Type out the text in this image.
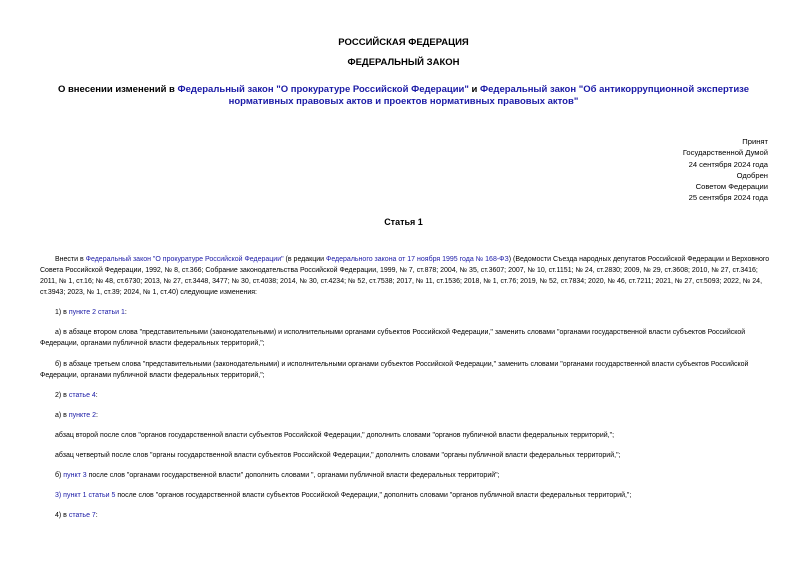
РОССИЙСКАЯ ФЕДЕРАЦИЯ
ФЕДЕРАЛЬНЫЙ ЗАКОН
О внесении изменений в Федеральный закон "О прокуратуре Российской Федерации" и Федеральный закон "Об антикоррупционной экспертизе нормативных правовых актов и проектов нормативных правовых актов"
Принят
Государственной Думой
24 сентября 2024 года
Одобрен
Советом Федерации
25 сентября 2024 года
Статья 1

Внести в Федеральный закон "О прокуратуре Российской Федерации" (в редакции Федерального закона от 17 ноября 1995 года № 168-ФЗ) (Ведомости Съезда народных депутатов Российской Федерации и Верховного Совета Российской Федерации, 1992, № 8, ст.366; Собрание законодательства Российской Федерации, 1999, № 7, ст.878; 2004, № 35, ст.3607; 2007, № 10, ст.1151; № 24, ст.2830; 2009, № 29, ст.3608; 2010, № 27, ст.3416; 2011, № 1, ст.16; № 48, ст.6730; 2013, № 27, ст.3448, 3477; № 30, ст.4038; 2014, № 30, ст.4234; № 52, ст.7538; 2017, № 11, ст.1536; 2018, № 1, ст.76; 2019, № 52, ст.7834; 2020, № 46, ст.7211; 2021, № 27, ст.5093; 2022, № 24, ст.3943; 2023, № 1, ст.39; 2024, № 1, ст.40) следующие изменения:

1) в пункте 2 статьи 1:

а) в абзаце втором слова "представительными (законодательными) и исполнительными органами субъектов Российской Федерации," заменить словами "органами государственной власти субъектов Российской Федерации, органами публичной власти федеральных территорий,";

б) в абзаце третьем слова "представительными (законодательными) и исполнительными органами субъектов Российской Федерации," заменить словами "органами государственной власти субъектов Российской Федерации, органами публичной власти федеральных территорий,";

2) в статье 4:

а) в пункте 2:

абзац второй после слов "органов государственной власти субъектов Российской Федерации," дополнить словами "органов публичной власти федеральных территорий,";

абзац четвертый после слов "органы государственной власти субъектов Российской Федерации," дополнить словами "органы публичной власти федеральных территорий,";

б) пункт 3 после слов "органами государственной власти" дополнить словами ", органами публичной власти федеральных территорий";

3) пункт 1 статьи 5 после слов "органов государственной власти субъектов Российской Федерации," дополнить словами "органов публичной власти федеральных территорий,";

4) в статье 7:
